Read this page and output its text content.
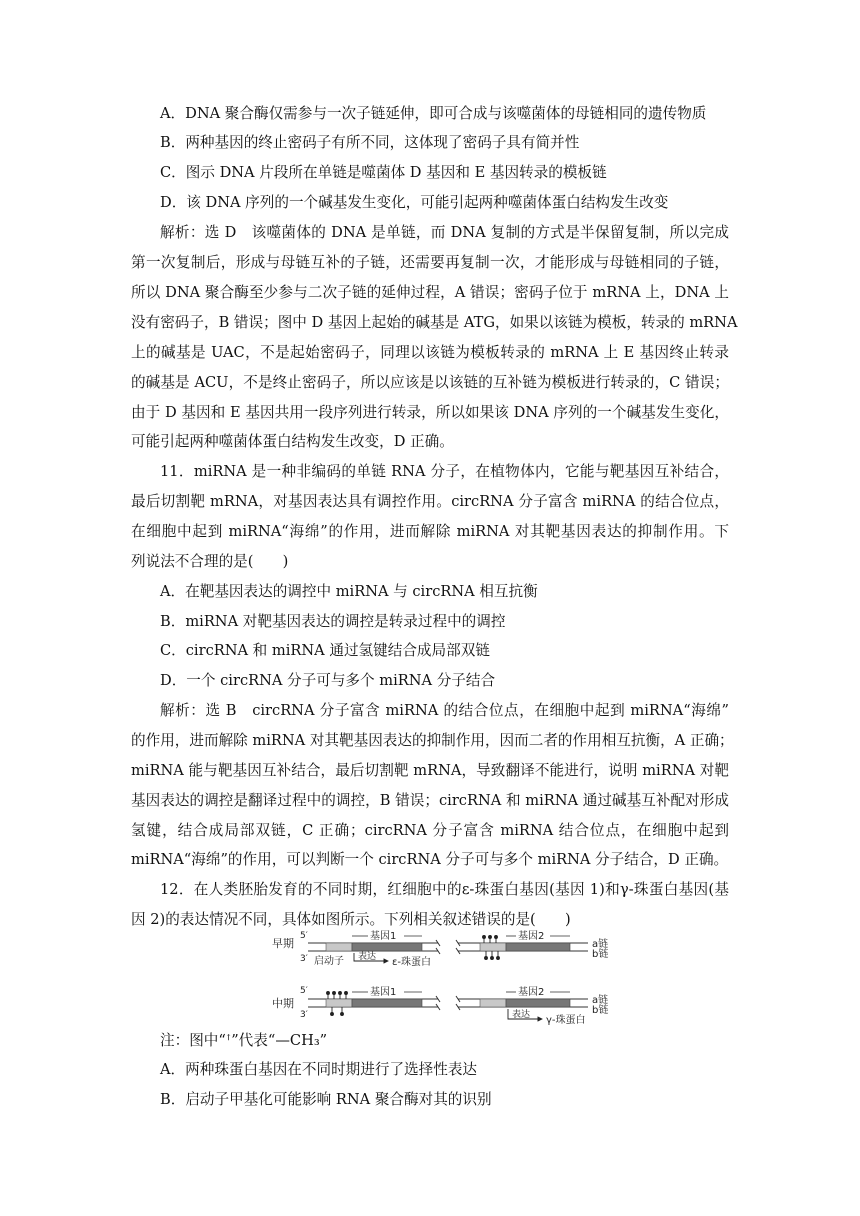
A．DNA 聚合酶仅需参与一次子链延伸，即可合成与该噬菌体的母链相同的遗传物质
B．两种基因的终止密码子有所不同，这体现了密码子具有简并性
C．图示 DNA 片段所在单链是噬菌体 D 基因和 E 基因转录的模板链
D．该 DNA 序列的一个碱基发生变化，可能引起两种噬菌体蛋白结构发生改变
解析：选 D　该噬菌体的 DNA 是单链，而 DNA 复制的方式是半保留复制，所以完成
第一次复制后，形成与母链互补的子链，还需要再复制一次，才能形成与母链相同的子链，
所以 DNA 聚合酶至少参与二次子链的延伸过程，A 错误；密码子位于 mRNA 上，DNA 上
没有密码子，B 错误；图中 D 基因上起始的碱基是 ATG，如果以该链为模板，转录的 mRNA
上的碱基是 UAC，不是起始密码子，同理以该链为模板转录的 mRNA 上 E 基因终止转录
的碱基是 ACU，不是终止密码子，所以应该是以该链的互补链为模板进行转录的，C 错误；
由于 D 基因和 E 基因共用一段序列进行转录，所以如果该 DNA 序列的一个碱基发生变化，
可能引起两种噬菌体蛋白结构发生改变，D 正确。
11．miRNA 是一种非编码的单链 RNA 分子，在植物体内，它能与靶基因互补结合，
最后切割靶 mRNA，对基因表达具有调控作用。circRNA 分子富含 miRNA 的结合位点，
在细胞中起到 miRNA“海绵”的作用，进而解除 miRNA 对其靶基因表达的抑制作用。下
列说法不合理的是(　　)
A．在靶基因表达的调控中 miRNA 与 circRNA 相互抗衡
B．miRNA 对靶基因表达的调控是转录过程中的调控
C．circRNA 和 miRNA 通过氢键结合成局部双链
D．一个 circRNA 分子可与多个 miRNA 分子结合
解析：选 B　circRNA 分子富含 miRNA 的结合位点，在细胞中起到 miRNA“海绵”
的作用，进而解除 miRNA 对其靶基因表达的抑制作用，因而二者的作用相互抗衡，A 正确；
miRNA 能与靶基因互补结合，最后切割靶 mRNA，导致翻译不能进行，说明 miRNA 对靶
基因表达的调控是翻译过程中的调控，B 错误；circRNA 和 miRNA 通过碱基互补配对形成
氢键，结合成局部双链，C 正确；circRNA 分子富含 miRNA 结合位点，在细胞中起到
miRNA“海绵”的作用，可以判断一个 circRNA 分子可与多个 miRNA 分子结合，D 正确。
12．在人类胚胎发育的不同时期，红细胞中的ε-珠蛋白基因(基因 1)和γ-珠蛋白基因(基
因 2)的表达情况不同，具体如图所示。下列相关叙述错误的是(　　)
早期
5′
3′
基因1
启动子 表达 ε-珠蛋白
基因2
a链
b链
中期
5′
3′
基因1	基因2
表达 γ-珠蛋白
a链
b链
注：图中“ꜛ”代表“—CH₃”
A．两种珠蛋白基因在不同时期进行了选择性表达
B．启动子甲基化可能影响 RNA 聚合酶对其的识别
